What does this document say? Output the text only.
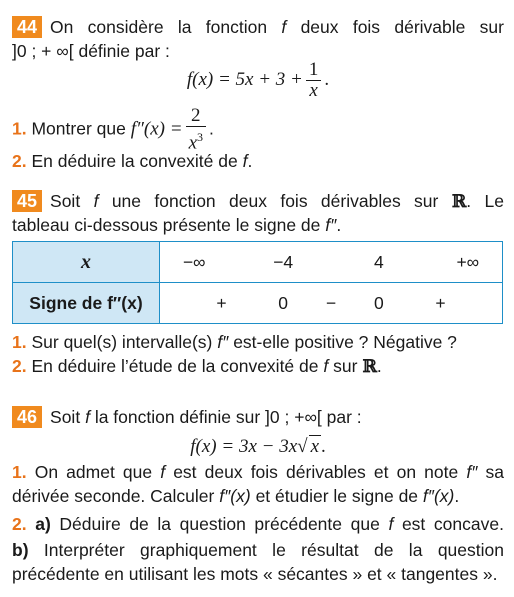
44 On considère la fonction f deux fois dérivable sur
]0 ; + ∞[ définie par :
$f(x) = 5x + 3 + \frac{1}{x}$ .
1. Montrer que $f''(x) = \frac{2}{x^3}$ .
2. En déduire la convexité de f.
45 Soit f une fonction deux fois dérivables sur ℝ. Le
tableau ci-dessous présente le signe de f″.
x	−∞ −4 4 +∞

Signe de f″(x)	+ 0 − 0 +
1. Sur quel(s) intervalle(s) f″ est-elle positive ? Négative ?
2. En déduire l’étude de la convexité de f sur ℝ.
46 Soit f la fonction définie sur ]0 ; +∞[ par :
f(x) = 3x − 3x√ x .
1. On admet que f est deux fois dérivables et on note f″ sa
dérivée seconde. Calculer f″(x) et étudier le signe de f″(x).
2. a) Déduire de la question précédente que f est concave.
b) Interpréter graphiquement le résultat de la question
précédente en utilisant les mots « sécantes » et « tangentes ».
